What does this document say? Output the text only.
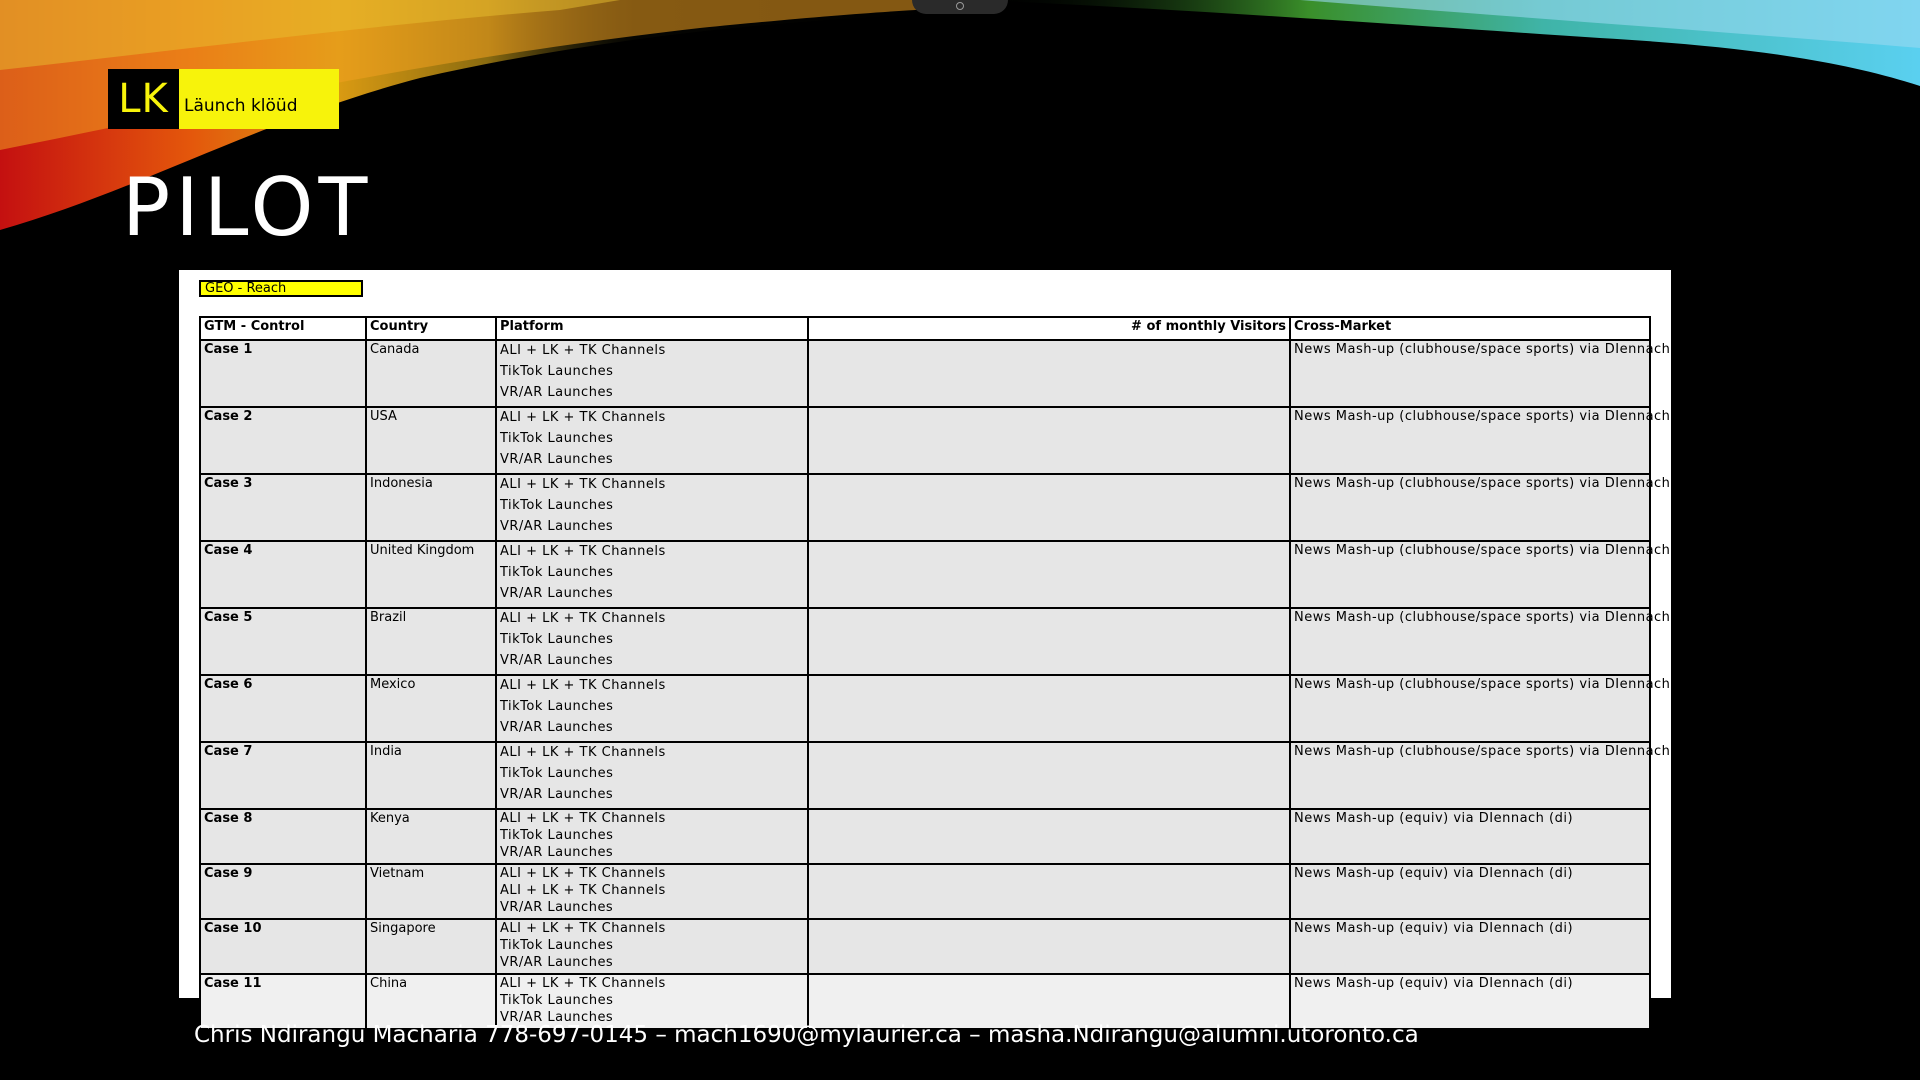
LK Läunch klöüd
PILOT
GEO - Reach
GTM - Control	Country	Platform	# of monthly Visitors	Cross-Market
Case 1	Canada	ALI + LK + TK Channels
TikTok Launches
VR/AR Launches		News Mash-up (clubhouse/space sports) via DIennach (di)
Case 2	USA	ALI + LK + TK Channels
TikTok Launches
VR/AR Launches		News Mash-up (clubhouse/space sports) via DIennach (di)
Case 3	Indonesia	ALI + LK + TK Channels
TikTok Launches
VR/AR Launches		News Mash-up (clubhouse/space sports) via DIennach (di)
Case 4	United Kingdom	ALI + LK + TK Channels
TikTok Launches
VR/AR Launches		News Mash-up (clubhouse/space sports) via DIennach (di)
Case 5	Brazil	ALI + LK + TK Channels
TikTok Launches
VR/AR Launches		News Mash-up (clubhouse/space sports) via DIennach (di)
Case 6	Mexico	ALI + LK + TK Channels
TikTok Launches
VR/AR Launches		News Mash-up (clubhouse/space sports) via DIennach (di)
Case 7	India	ALI + LK + TK Channels
TikTok Launches
VR/AR Launches		News Mash-up (clubhouse/space sports) via DIennach (di)
Case 8	Kenya	ALI + LK + TK Channels
TikTok Launches
VR/AR Launches		News Mash-up (equiv) via DIennach (di)
Case 9	Vietnam	ALI + LK + TK Channels
ALI + LK + TK Channels
VR/AR Launches		News Mash-up (equiv) via DIennach (di)
Case 10	Singapore	ALI + LK + TK Channels
TikTok Launches
VR/AR Launches		News Mash-up (equiv) via DIennach (di)
Case 11	China	ALI + LK + TK Channels
TikTok Launches
VR/AR Launches		News Mash-up (equiv) via DIennach (di)
Chris Ndirangu Macharia 778-697-0145 – mach1690@mylaurier.ca – masha.Ndirangu@alumni.utoronto.ca
